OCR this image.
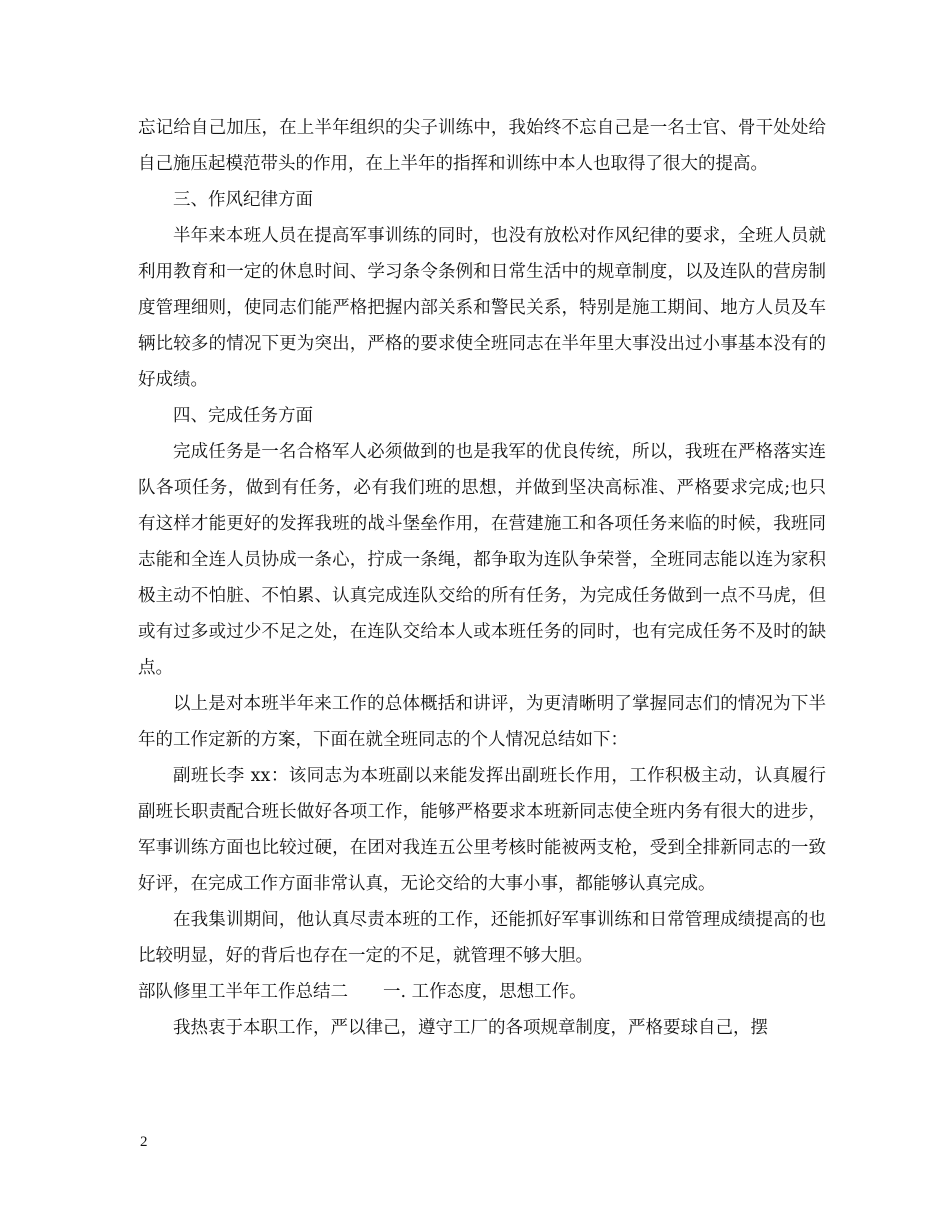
忘记给自己加压，在上半年组织的尖子训练中，我始终不忘自己是一名士官、骨干处处给自己施压起模范带头的作用，在上半年的指挥和训练中本人也取得了很大的提高。

三、作风纪律方面

半年来本班人员在提高军事训练的同时，也没有放松对作风纪律的要求，全班人员就利用教育和一定的休息时间、学习条令条例和日常生活中的规章制度，以及连队的营房制度管理细则，使同志们能严格把握内部关系和警民关系，特别是施工期间、地方人员及车辆比较多的情况下更为突出，严格的要求使全班同志在半年里大事没出过小事基本没有的好成绩。

四、完成任务方面

完成任务是一名合格军人必须做到的也是我军的优良传统，所以，我班在严格落实连队各项任务，做到有任务，必有我们班的思想，并做到坚决高标准、严格要求完成;也只有这样才能更好的发挥我班的战斗堡垒作用，在营建施工和各项任务来临的时候，我班同志能和全连人员协成一条心，拧成一条绳，都争取为连队争荣誉，全班同志能以连为家积极主动不怕脏、不怕累、认真完成连队交给的所有任务，为完成任务做到一点不马虎，但或有过多或过少不足之处，在连队交给本人或本班任务的同时，也有完成任务不及时的缺点。

以上是对本班半年来工作的总体概括和讲评，为更清晰明了掌握同志们的情况为下半年的工作定新的方案，下面在就全班同志的个人情况总结如下：

副班长李 xx：该同志为本班副以来能发挥出副班长作用，工作积极主动，认真履行副班长职责配合班长做好各项工作，能够严格要求本班新同志使全班内务有很大的进步，军事训练方面也比较过硬，在团对我连五公里考核时能被两支枪，受到全排新同志的一致好评，在完成工作方面非常认真，无论交给的大事小事，都能够认真完成。

在我集训期间，他认真尽责本班的工作，还能抓好军事训练和日常管理成绩提高的也比较明显，好的背后也存在一定的不足，就管理不够大胆。

部队修里工半年工作总结二　　一. 工作态度，思想工作。

我热衷于本职工作，严以律己，遵守工厂的各项规章制度，严格要球自己，摆

2
